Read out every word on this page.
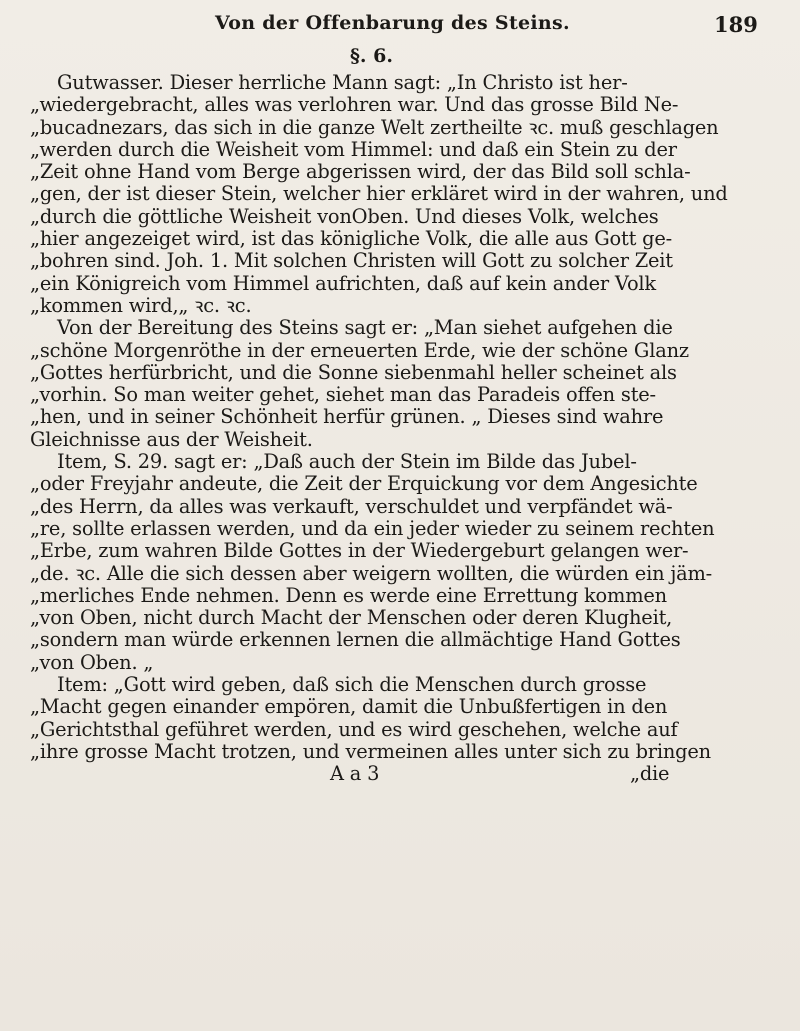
Von der Offenbarung des Steins.	189
§. 6.
Gutwasser. Dieser herrliche Mann sagt: „In Christo ist her-
„wiedergebracht, alles was verlohren war. Und das grosse Bild Ne-
„bucadnezars, das sich in die ganze Welt zertheilte ꝛc. muß geschlagen
„werden durch die Weisheit vom Himmel: und daß ein Stein zu der
„Zeit ohne Hand vom Berge abgerissen wird, der das Bild soll schla-
„gen, der ist dieser Stein, welcher hier erkläret wird in der wahren, und
„durch die göttliche Weisheit vonOben. Und dieses Volk, welches
„hier angezeiget wird, ist das königliche Volk, die alle aus Gott ge-
„bohren sind. Joh. 1. Mit solchen Christen will Gott zu solcher Zeit
„ein Königreich vom Himmel aufrichten, daß auf kein ander Volk
„kommen wird,„ ꝛc. ꝛc.
Von der Bereitung des Steins sagt er: „Man siehet aufgehen die
„schöne Morgenröthe in der erneuerten Erde, wie der schöne Glanz
„Gottes herfürbricht, und die Sonne siebenmahl heller scheinet als
„vorhin. So man weiter gehet, siehet man das Paradeis offen ste-
„hen, und in seiner Schönheit herfür grünen. „ Dieses sind wahre
Gleichnisse aus der Weisheit.
Item, S. 29. sagt er: „Daß auch der Stein im Bilde das Jubel-
„oder Freyjahr andeute, die Zeit der Erquickung vor dem Angesichte
„des Herrn, da alles was verkauft, verschuldet und verpfändet wä-
„re, sollte erlassen werden, und da ein jeder wieder zu seinem rechten
„Erbe, zum wahren Bilde Gottes in der Wiedergeburt gelangen wer-
„de. ꝛc. Alle die sich dessen aber weigern wollten, die würden ein jäm-
„merliches Ende nehmen. Denn es werde eine Errettung kommen
„von Oben, nicht durch Macht der Menschen oder deren Klugheit,
„sondern man würde erkennen lernen die allmächtige Hand Gottes
„von Oben. „
Item: „Gott wird geben, daß sich die Menschen durch grosse
„Macht gegen einander empören, damit die Unbußfertigen in den
„Gerichtsthal geführet werden, und es wird geschehen, welche auf
„ihre grosse Macht trotzen, und vermeinen alles unter sich zu bringen
A a 3	„die
